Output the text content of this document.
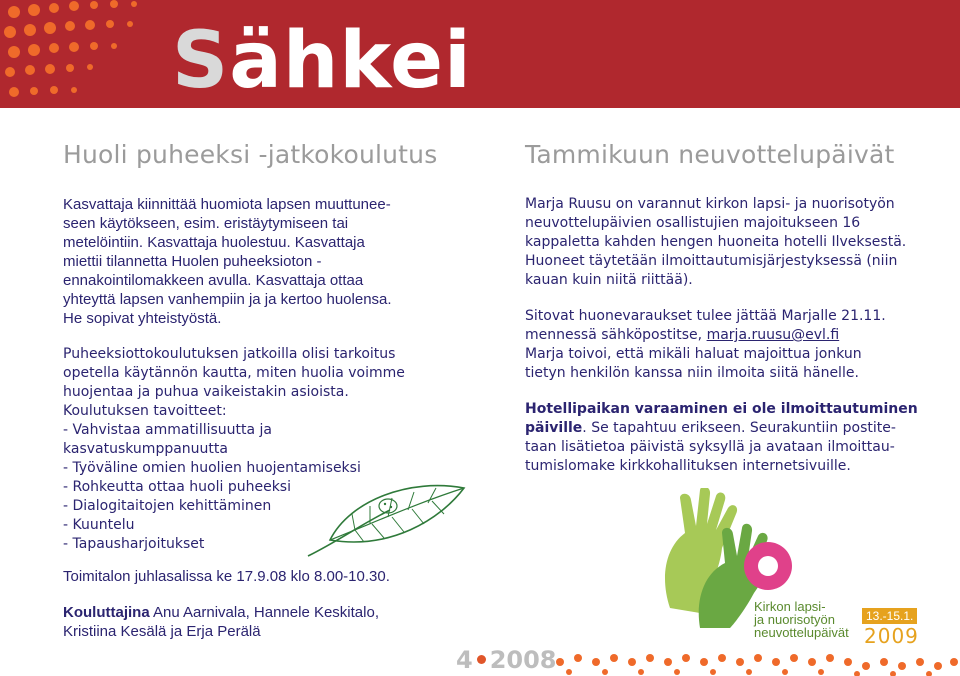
Sähkei
Huoli puheeksi -jatkokoulutus
Kasvattaja kiinnittää huomiota lapsen muuttunee-
seen käytökseen, esim. eristäytymiseen tai
metelöintiin. Kasvattaja huolestuu. Kasvattaja
miettii tilannetta Huolen puheeksioton -
ennakointilomakkeen avulla. Kasvattaja ottaa
yhteyttä lapsen vanhempiin ja ja kertoo huolensa.
He sopivat yhteistyöstä.

Puheeksiottokoulutuksen jatkoilla olisi tarkoitus
opetella käytännön kautta, miten huolia voimme
huojentaa ja puhua vaikeistakin asioista.
Koulutuksen tavoitteet:

- Vahvistaa ammatillisuutta ja
kasvatuskumppanuutta
- Työväline omien huolien huojentamiseksi
- Rohkeutta ottaa huoli puheeksi
- Dialogitaitojen kehittäminen
- Kuuntelu
- Tapausharjoitukset

Toimitalon juhlasalissa ke 17.9.08 klo 8.00-10.30.

Kouluttajina Anu Aarnivala, Hannele Keskitalo,
Kristiina Kesälä ja Erja Perälä

Tammikuun neuvottelupäivät

Marja Ruusu on varannut kirkon lapsi- ja nuorisotyön
neuvottelupäivien osallistujien majoitukseen 16
kappaletta kahden hengen huoneita hotelli Ilveksestä.
Huoneet täytetään ilmoittautumisjärjestyksessä (niin
kauan kuin niitä riittää).

Sitovat huonevaraukset tulee jättää Marjalle 21.11.
mennessä sähköpostitse, marja.ruusu@evl.fi
Marja toivoi, että mikäli haluat majoittua jonkun
tietyn henkilön kanssa niin ilmoita siitä hänelle.

Hotellipaikan varaaminen ei ole ilmoittautuminen
päiville. Se tapahtuu erikseen. Seurakuntiin postite-
taan lisätietoa päivistä syksyllä ja avataan ilmoittau-
tumislomake kirkkohallituksen internetsivuille.

Kirkon lapsi-
ja nuorisotyön
neuvottelupäivät
13.-15.1.
2009
4 2008
